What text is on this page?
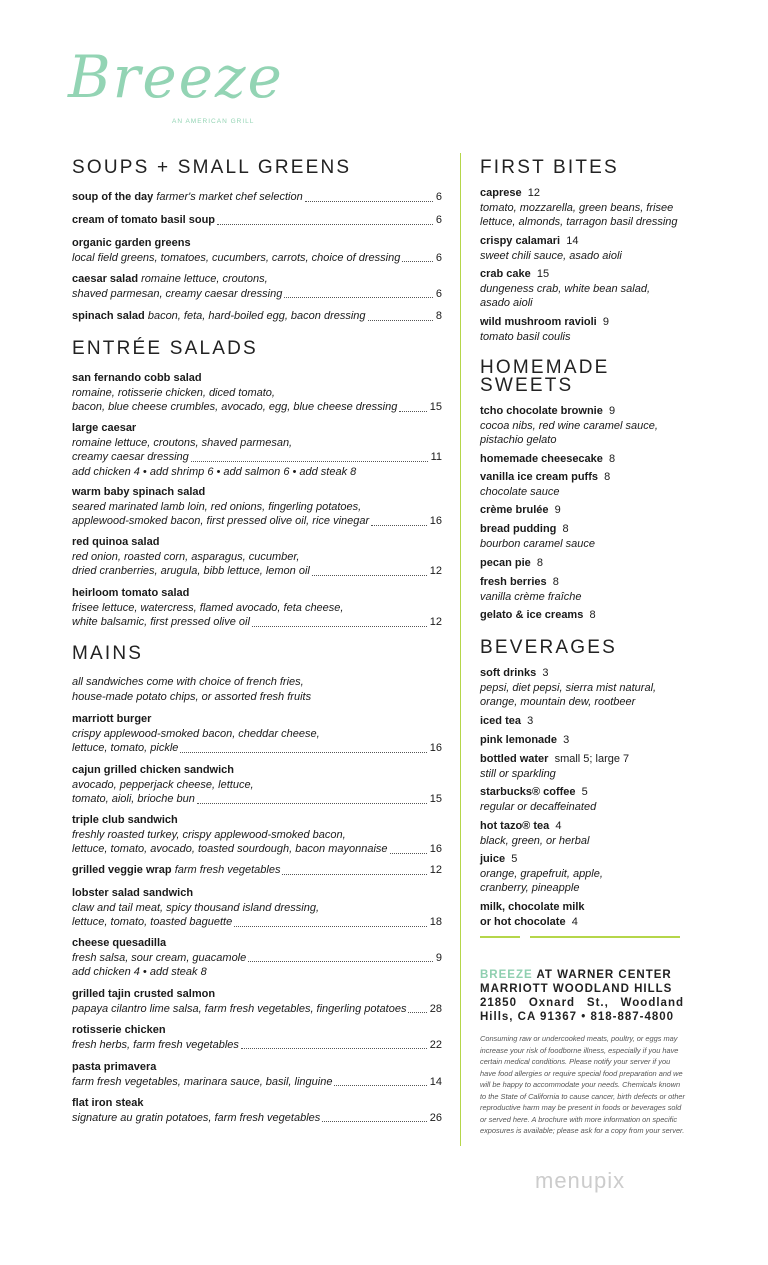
Breeze
AN AMERICAN GRILL
SOUPS + SMALL GREENS
soup of the day farmer's market chef selection	6
cream of tomato basil soup	6
organic garden greens
local field greens, tomatoes, cucumbers, carrots, choice of dressing	6
caesar salad romaine lettuce, croutons,
shaved parmesan, creamy caesar dressing	6
spinach salad bacon, feta, hard-boiled egg, bacon dressing	8
ENTRÉE SALADS
san fernando cobb salad
romaine, rotisserie chicken, diced tomato,
bacon, blue cheese crumbles, avocado, egg, blue cheese dressing	15
large caesar
romaine lettuce, croutons, shaved parmesan,
creamy caesar dressing	11
add chicken 4 • add shrimp 6 • add salmon 6 • add steak 8
warm baby spinach salad
seared marinated lamb loin, red onions, fingerling potatoes,
applewood-smoked bacon, first pressed olive oil, rice vinegar	16
red quinoa salad
red onion, roasted corn, asparagus, cucumber,
dried cranberries, arugula, bibb lettuce, lemon oil	12
heirloom tomato salad
frisee lettuce, watercress, flamed avocado, feta cheese,
white balsamic, first pressed olive oil	12
MAINS
all sandwiches come with choice of french fries,
house-made potato chips, or assorted fresh fruits
marriott burger
crispy applewood-smoked bacon, cheddar cheese,
lettuce, tomato, pickle	16
cajun grilled chicken sandwich
avocado, pepperjack cheese, lettuce,
tomato, aioli, brioche bun	15
triple club sandwich
freshly roasted turkey, crispy applewood-smoked bacon,
lettuce, tomato, avocado, toasted sourdough, bacon mayonnaise	16
grilled veggie wrap farm fresh vegetables	12
lobster salad sandwich
claw and tail meat, spicy thousand island dressing,
lettuce, tomato, toasted baguette	18
cheese quesadilla
fresh salsa, sour cream, guacamole	9
add chicken 4 • add steak 8
grilled tajin crusted salmon
papaya cilantro lime salsa, farm fresh vegetables, fingerling potatoes 28
rotisserie chicken
fresh herbs, farm fresh vegetables	22
pasta primavera
farm fresh vegetables, marinara sauce, basil, linguine	14
flat iron steak
signature au gratin potatoes, farm fresh vegetables	26
FIRST BITES
caprese 12
tomato, mozzarella, green beans, frisee
lettuce, almonds, tarragon basil dressing
crispy calamari 14
sweet chili sauce, asado aioli
crab cake 15
dungeness crab, white bean salad,
asado aioli
wild mushroom ravioli 9
tomato basil coulis
HOMEMADE
SWEETS
tcho chocolate brownie 9
cocoa nibs, red wine caramel sauce,
pistachio gelato
homemade cheesecake 8
vanilla ice cream puffs 8
chocolate sauce
crème brulée 9
bread pudding 8
bourbon caramel sauce
pecan pie 8
fresh berries 8
vanilla crème fraîche
gelato & ice creams 8
BEVERAGES
soft drinks 3
pepsi, diet pepsi, sierra mist natural,
orange, mountain dew, rootbeer
iced tea 3
pink lemonade 3
bottled water small 5; large 7
still or sparkling
starbucks® coffee 5
regular or decaffeinated
hot tazo® tea 4
black, green, or herbal
juice 5
orange, grapefruit, apple,
cranberry, pineapple
milk, chocolate milk
or hot chocolate 4
BREEZE AT WARNER CENTER
MARRIOTT WOODLAND HILLS
21850 Oxnard St., Woodland Hills, CA 91367 • 818-887-4800
Consuming raw or undercooked meats, poultry, or eggs may increase your risk of foodborne illness, especially if you have certain medical conditions. Please notify your server if you have food allergies or require special food preparation and we will be happy to accommodate your needs. Chemicals known to the State of California to cause cancer, birth defects or other reproductive harm may be present in foods or beverages sold or served here. A brochure with more information on specific exposures is available; please ask for a copy from your server.
menupix
